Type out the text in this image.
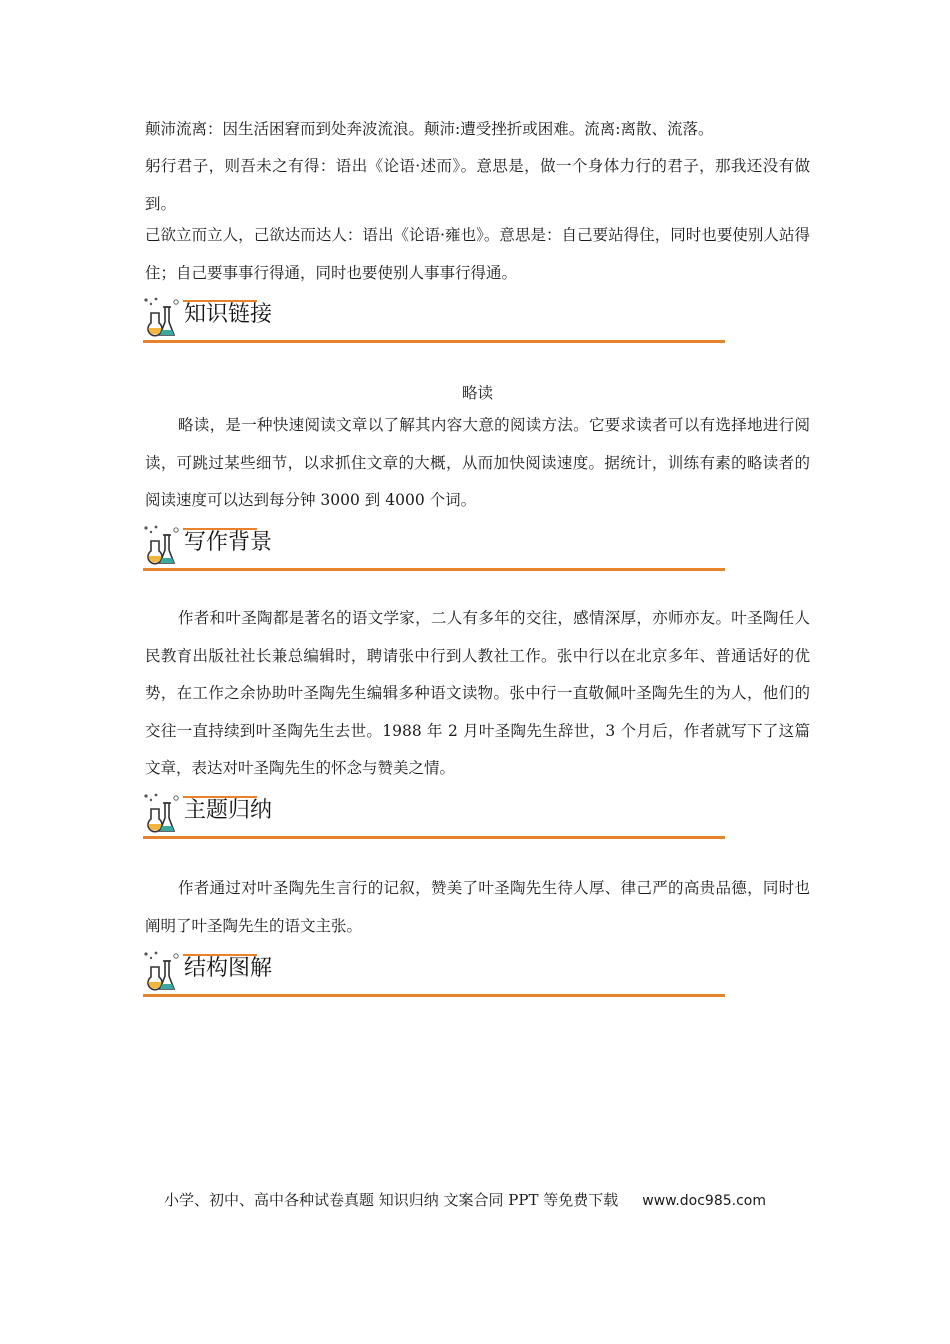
颠沛流离：因生活困窘而到处奔波流浪。颠沛:遭受挫折或困难。流离:离散、流落。

躬行君子，则吾未之有得：语出《论语·述而》。意思是，做一个身体力行的君子，那我还没有做到。

己欲立而立人，己欲达而达人：语出《论语·雍也》。意思是：自己要站得住，同时也要使别人站得住；自己要事事行得通，同时也要使别人事事行得通。

知识链接
略读

略读，是一种快速阅读文章以了解其内容大意的阅读方法。它要求读者可以有选择地进行阅读，可跳过某些细节，以求抓住文章的大概，从而加快阅读速度。据统计，训练有素的略读者的阅读速度可以达到每分钟 3000 到 4000 个词。

写作背景

作者和叶圣陶都是著名的语文学家，二人有多年的交往，感情深厚，亦师亦友。叶圣陶任人民教育出版社社长兼总编辑时，聘请张中行到人教社工作。张中行以在北京多年、普通话好的优势，在工作之余协助叶圣陶先生编辑多种语文读物。张中行一直敬佩叶圣陶先生的为人，他们的交往一直持续到叶圣陶先生去世。1988 年 2 月叶圣陶先生辞世，3 个月后，作者就写下了这篇文章，表达对叶圣陶先生的怀念与赞美之情。

主题归纳

作者通过对叶圣陶先生言行的记叙，赞美了叶圣陶先生待人厚、律己严的高贵品德，同时也阐明了叶圣陶先生的语文主张。

结构图解
小学、初中、高中各种试卷真题 知识归纳 文案合同 PPT 等免费下载 www.doc985.com
